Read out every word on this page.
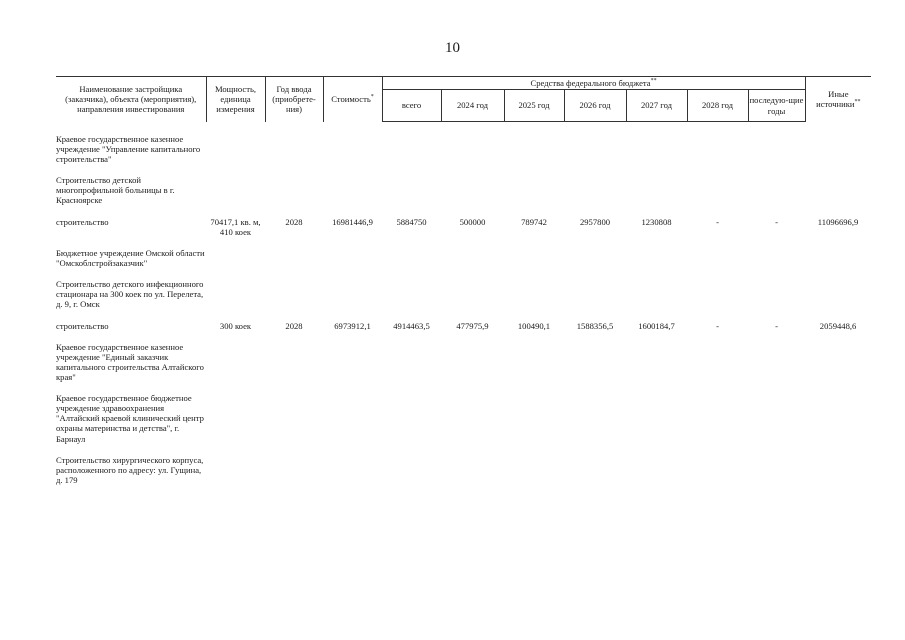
10
Наименование застройщика (заказчика), объекта (мероприятия), направления инвестирования	Мощность, единица измерения	Год ввода (приобрете-ния)	Стоимость*	Средства федерального бюджета**							Иные источники**
				всего	2024 год	2025 год	2026 год	2027 год	2028 год	последую-щие годы	
Краевое государственное казенное учреждение "Управление капитального строительства"											
Строительство детской многопрофильной больницы в г. Красноярске											
строительство	70417,1 кв. м, 410 коек	2028	16981446,9	5884750	500000	789742	2957800	1230808	-	-	11096696,9
Бюджетное учреждение Омской области "Омскоблстройзаказчик"											
Строительство детского инфекционного стационара на 300 коек по ул. Перелета, д. 9, г. Омск											
строительство	300 коек	2028	6973912,1	4914463,5	477975,9	100490,1	1588356,5	1600184,7	-	-	2059448,6
Краевое государственное казенное учреждение "Единый заказчик капитального строительства Алтайского края"											
Краевое государственное бюджетное учреждение здравоохранения "Алтайский краевой клинический центр охраны материнства и детства", г. Барнаул											
Строительство хирургического корпуса, расположенного по адресу: ул. Гущина, д. 179											
